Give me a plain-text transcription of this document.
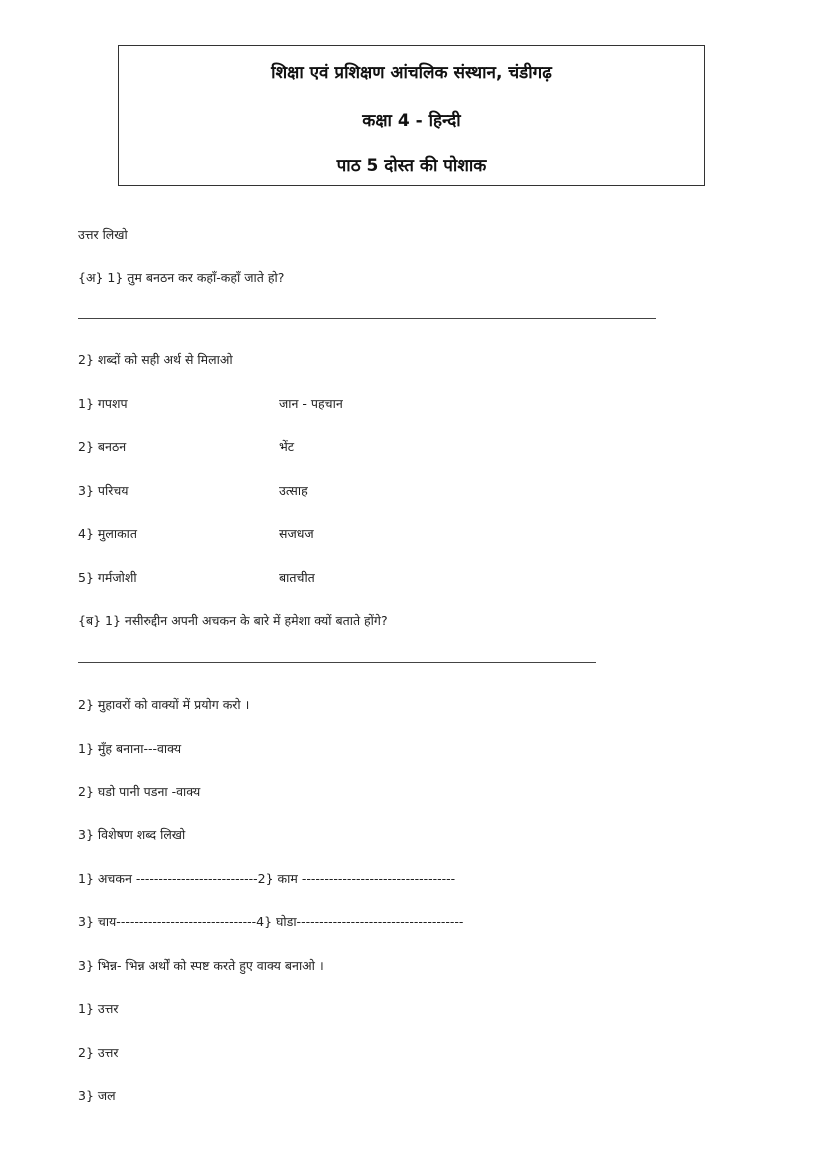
शिक्षा एवं प्रशिक्षण आंचलिक संस्थान, चंडीगढ़
कक्षा 4 - हिन्दी
पाठ 5 दोस्त की पोशाक
उत्तर लिखो
{अ} 1} तुम बनठन कर कहाँ-कहाँ जाते हो?
2} शब्दों को सही अर्थ से मिलाओ
1} गपशप	जान - पहचान
2} बनठन	भेंट
3} परिचय	उत्साह
4} मुलाकात	सजधज
5} गर्मजोशी	बातचीत
{ब} 1} नसीरुद्दीन अपनी अचकन के बारे में हमेशा क्यों बताते होंगे?
2} मुहावरों को वाक्यों में प्रयोग करो ।
1} मुँह बनाना---वाक्य
2} घडो पानी पडना -वाक्य
3} विशेषण शब्द लिखो
1} अचकन ---------------------------2} काम ----------------------------------
3} चाय-------------------------------4} घोडा-------------------------------------
3} भिन्न- भिन्न अर्थों को स्पष्ट करते हुए वाक्य बनाओ ।
1} उत्तर
2} उत्तर
3} जल
